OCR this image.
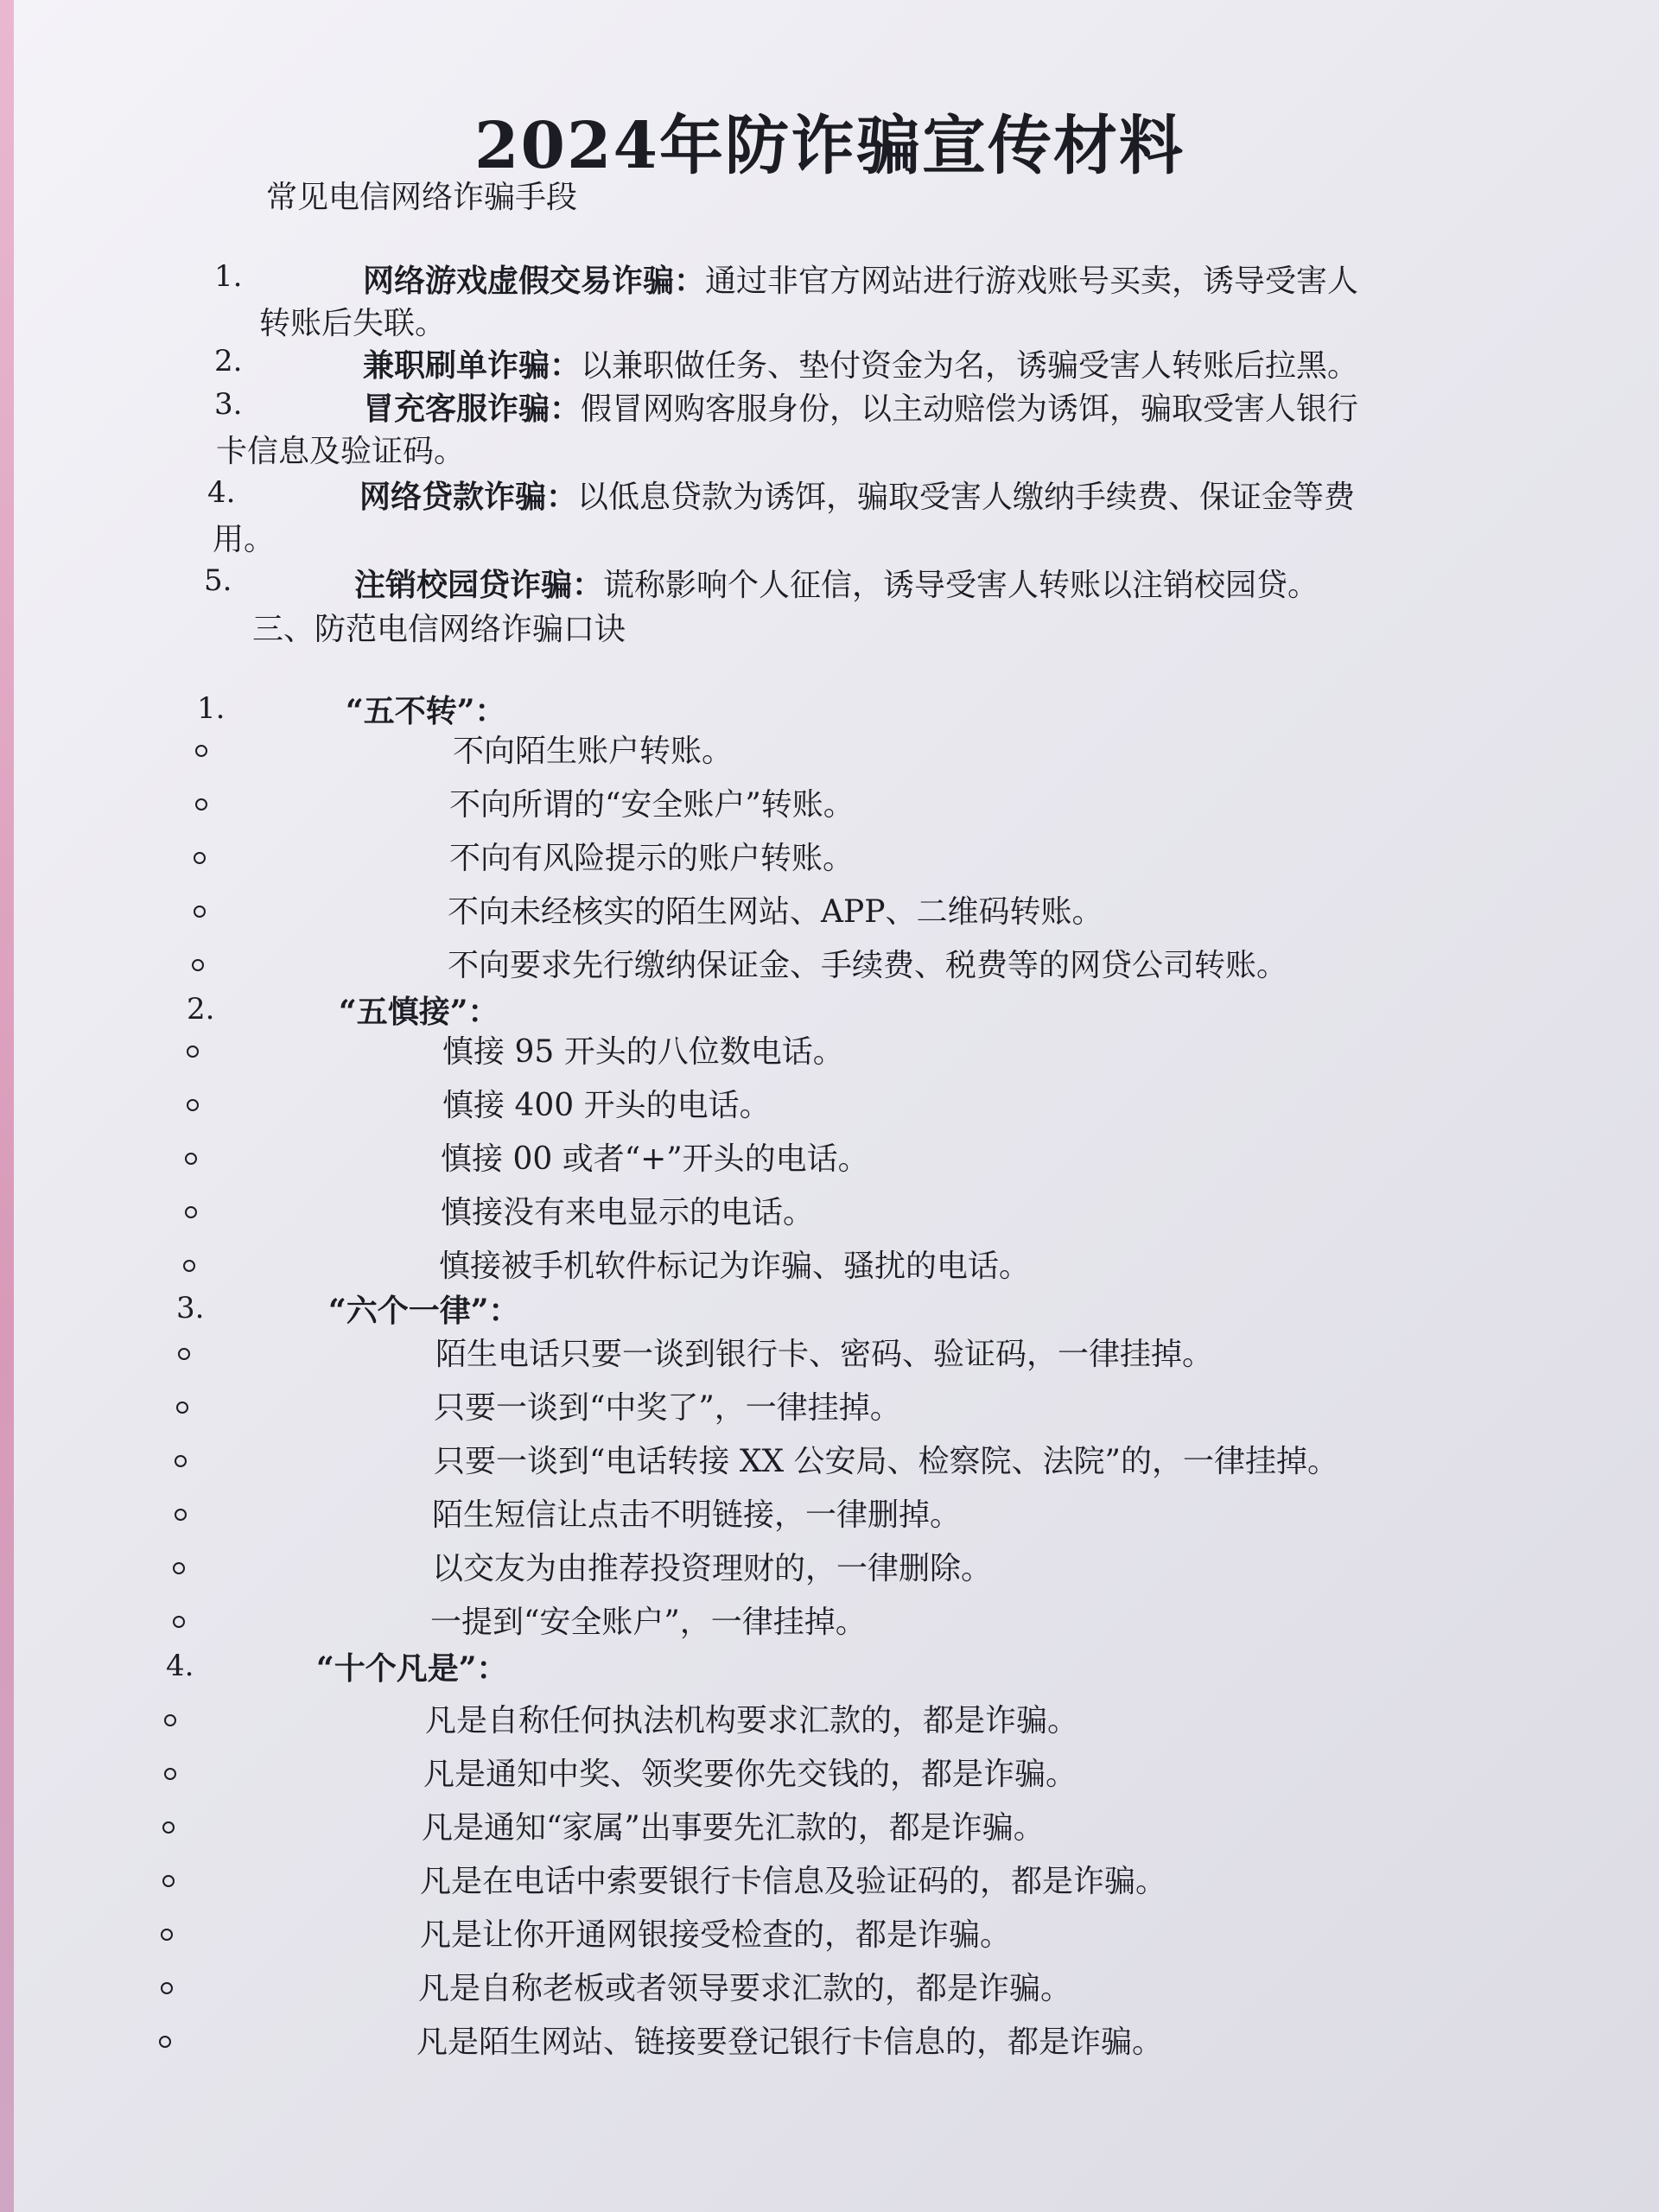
2024年防诈骗宣传材料
常见电信网络诈骗手段
1.	网络游戏虚假交易诈骗：通过非官方网站进行游戏账号买卖，诱导受害人
转账后失联。
2.	兼职刷单诈骗：以兼职做任务、垫付资金为名，诱骗受害人转账后拉黑。
3.	冒充客服诈骗：假冒网购客服身份，以主动赔偿为诱饵，骗取受害人银行
卡信息及验证码。
4.	网络贷款诈骗：以低息贷款为诱饵，骗取受害人缴纳手续费、保证金等费
用。
5.	注销校园贷诈骗：谎称影响个人征信，诱导受害人转账以注销校园贷。
三、防范电信网络诈骗口诀
1.	“五不转”：
不向陌生账户转账。
不向所谓的“安全账户”转账。
不向有风险提示的账户转账。
不向未经核实的陌生网站、APP、二维码转账。
不向要求先行缴纳保证金、手续费、税费等的网贷公司转账。
2.	“五慎接”：
慎接 95 开头的八位数电话。
慎接 400 开头的电话。
慎接 00 或者“+”开头的电话。
慎接没有来电显示的电话。
慎接被手机软件标记为诈骗、骚扰的电话。
3.	“六个一律”：
陌生电话只要一谈到银行卡、密码、验证码，一律挂掉。
只要一谈到“中奖了”，一律挂掉。
只要一谈到“电话转接 XX 公安局、检察院、法院”的，一律挂掉。
陌生短信让点击不明链接，一律删掉。
以交友为由推荐投资理财的，一律删除。
一提到“安全账户”，一律挂掉。
4.	“十个凡是”：
凡是自称任何执法机构要求汇款的，都是诈骗。
凡是通知中奖、领奖要你先交钱的，都是诈骗。
凡是通知“家属”出事要先汇款的，都是诈骗。
凡是在电话中索要银行卡信息及验证码的，都是诈骗。
凡是让你开通网银接受检查的，都是诈骗。
凡是自称老板或者领导要求汇款的，都是诈骗。
凡是陌生网站、链接要登记银行卡信息的，都是诈骗。
